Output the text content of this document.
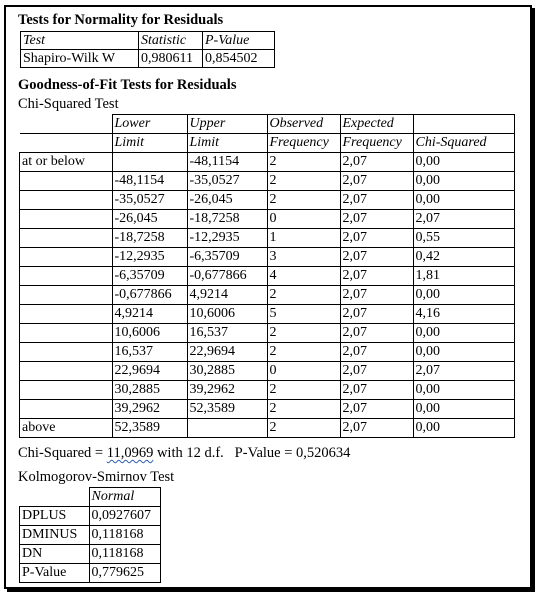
Tests for Normality for Residuals
Test	Statistic	P-Value
Shapiro-Wilk W	0,980611	0,854502
Goodness-of-Fit Tests for Residuals
Chi-Squared Test
	Lower	Upper	Observed	Expected	
	Limit	Limit	Frequency	Frequency	Chi-Squared
at or below		-48,1154	2	2,07	0,00
	-48,1154	-35,0527	2	2,07	0,00
	-35,0527	-26,045	2	2,07	0,00
	-26,045	-18,7258	0	2,07	2,07
	-18,7258	-12,2935	1	2,07	0,55
	-12,2935	-6,35709	3	2,07	0,42
	-6,35709	-0,677866	4	2,07	1,81
	-0,677866	4,9214	2	2,07	0,00
	4,9214	10,6006	5	2,07	4,16
	10,6006	16,537	2	2,07	0,00
	16,537	22,9694	2	2,07	0,00
	22,9694	30,2885	0	2,07	2,07
	30,2885	39,2962	2	2,07	0,00
	39,2962	52,3589	2	2,07	0,00
above	52,3589		2	2,07	0,00
Chi-Squared = 11,0969 with 12 d.f.   P-Value = 0,520634
Kolmogorov-Smirnov Test
	Normal
DPLUS	0,0927607
DMINUS	0,118168
DN	0,118168
P-Value	0,779625
